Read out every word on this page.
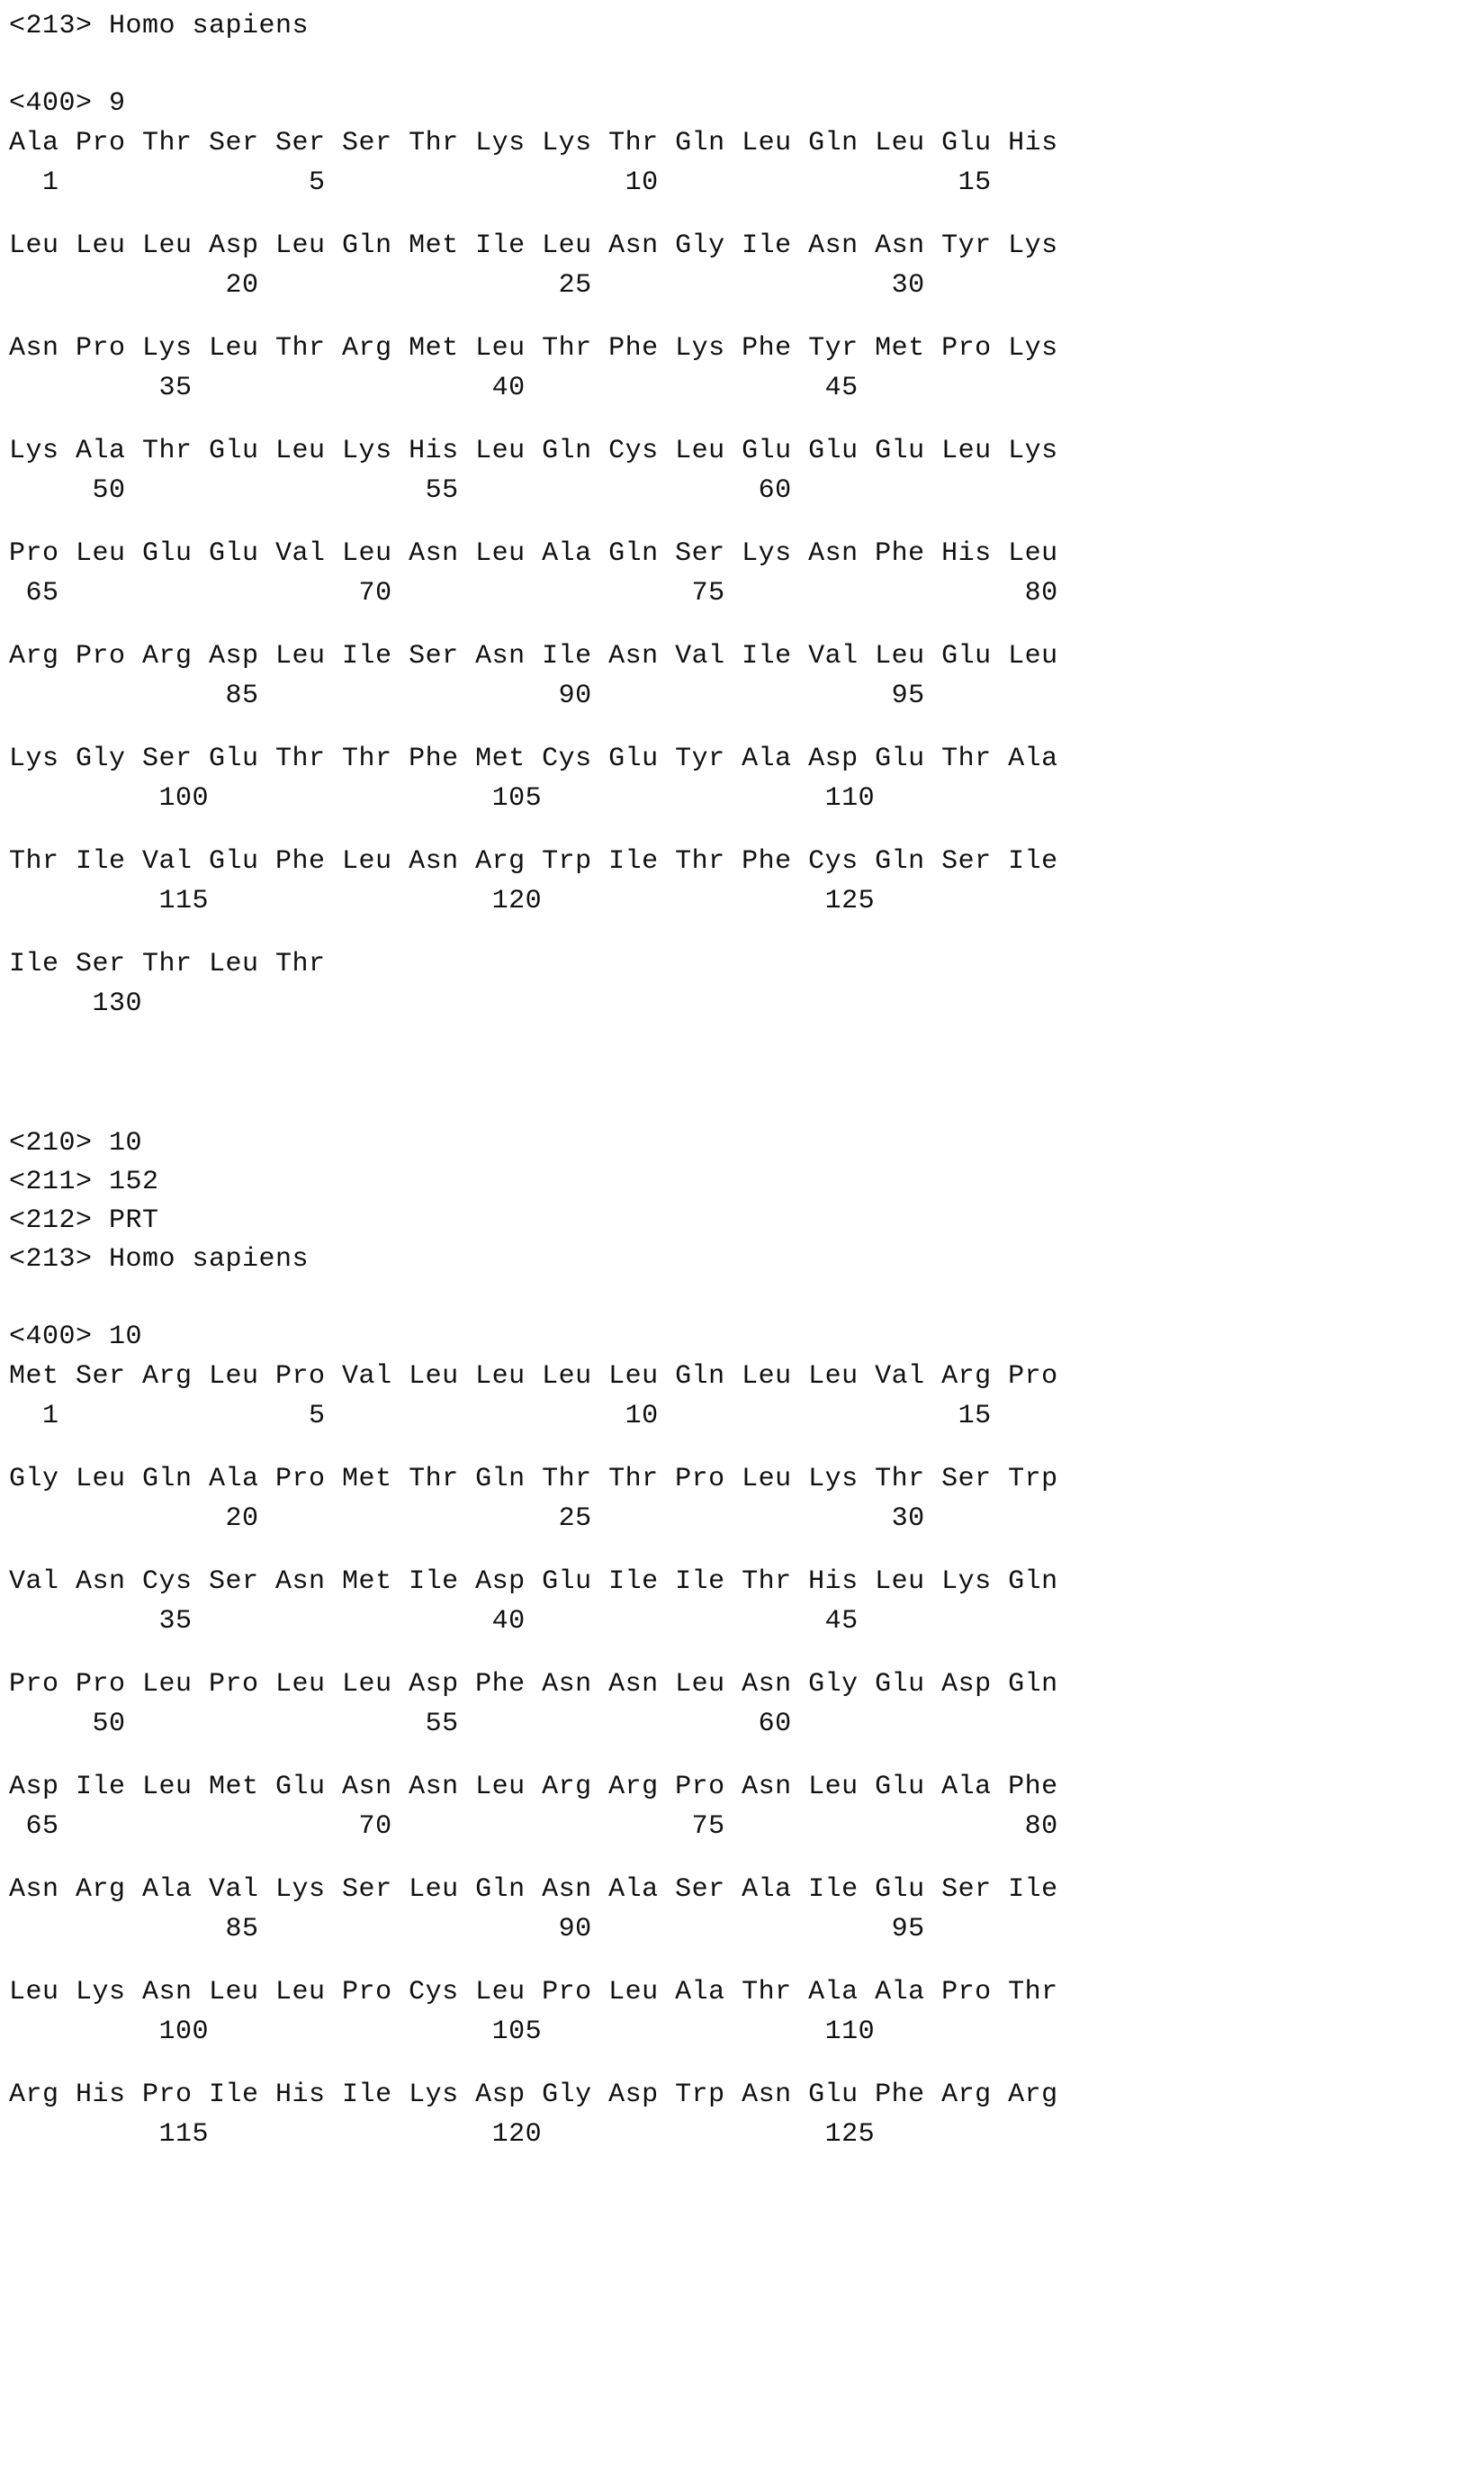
<213> Homo sapiens
<400> 9
Ala Pro Thr Ser Ser Ser Thr Lys Lys Thr Gln Leu Gln Leu Glu His
1               5                  10                  15
Leu Leu Leu Asp Leu Gln Met Ile Leu Asn Gly Ile Asn Asn Tyr Lys
20                  25                  30
Asn Pro Lys Leu Thr Arg Met Leu Thr Phe Lys Phe Tyr Met Pro Lys
35                  40                  45
Lys Ala Thr Glu Leu Lys His Leu Gln Cys Leu Glu Glu Glu Leu Lys
50                  55                  60
Pro Leu Glu Glu Val Leu Asn Leu Ala Gln Ser Lys Asn Phe His Leu
65                  70                  75                  80
Arg Pro Arg Asp Leu Ile Ser Asn Ile Asn Val Ile Val Leu Glu Leu
85                  90                  95
Lys Gly Ser Glu Thr Thr Phe Met Cys Glu Tyr Ala Asp Glu Thr Ala
100                 105                 110
Thr Ile Val Glu Phe Leu Asn Arg Trp Ile Thr Phe Cys Gln Ser Ile
115                 120                 125
Ile Ser Thr Leu Thr
130
<210> 10
<211> 152
<212> PRT
<213> Homo sapiens
<400> 10
Met Ser Arg Leu Pro Val Leu Leu Leu Leu Gln Leu Leu Val Arg Pro
1               5                  10                  15
Gly Leu Gln Ala Pro Met Thr Gln Thr Thr Pro Leu Lys Thr Ser Trp
20                  25                  30
Val Asn Cys Ser Asn Met Ile Asp Glu Ile Ile Thr His Leu Lys Gln
35                  40                  45
Pro Pro Leu Pro Leu Leu Asp Phe Asn Asn Leu Asn Gly Glu Asp Gln
50                  55                  60
Asp Ile Leu Met Glu Asn Asn Leu Arg Arg Pro Asn Leu Glu Ala Phe
65                  70                  75                  80
Asn Arg Ala Val Lys Ser Leu Gln Asn Ala Ser Ala Ile Glu Ser Ile
85                  90                  95
Leu Lys Asn Leu Leu Pro Cys Leu Pro Leu Ala Thr Ala Ala Pro Thr
100                 105                 110
Arg His Pro Ile His Ile Lys Asp Gly Asp Trp Asn Glu Phe Arg Arg
115                 120                 125
